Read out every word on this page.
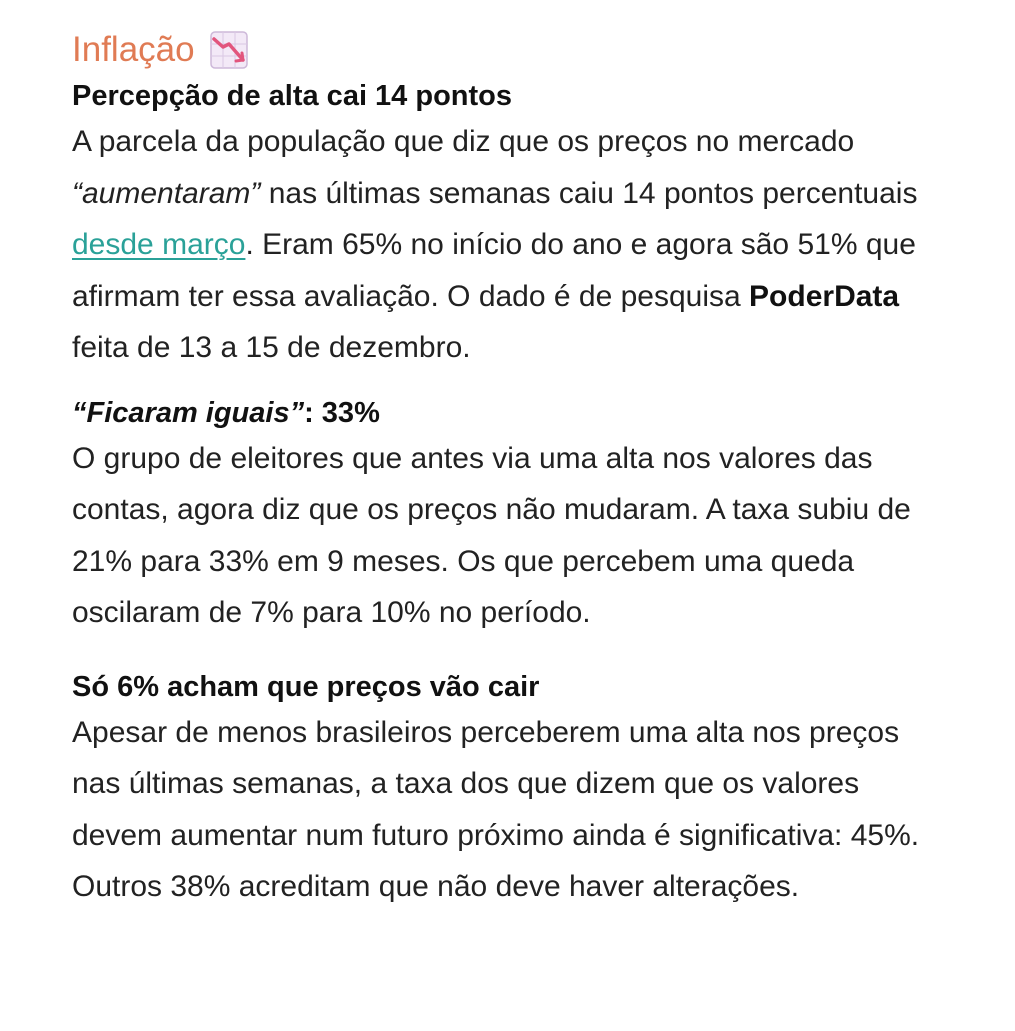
Inflação
Percepção de alta cai 14 pontos

A parcela da população que diz que os preços no mercado “aumentaram” nas últimas semanas caiu 14 pontos percentuais desde março. Eram 65% no início do ano e agora são 51% que afirmam ter essa avaliação. O dado é de pesquisa PoderData feita de 13 a 15 de dezembro.

“Ficaram iguais”: 33%

O grupo de eleitores que antes via uma alta nos valores das contas, agora diz que os preços não mudaram. A taxa subiu de 21% para 33% em 9 meses. Os que percebem uma queda oscilaram de 7% para 10% no período.

Só 6% acham que preços vão cair

Apesar de menos brasileiros perceberem uma alta nos preços nas últimas semanas, a taxa dos que dizem que os valores devem aumentar num futuro próximo ainda é significativa: 45%. Outros 38% acreditam que não deve haver alterações.
